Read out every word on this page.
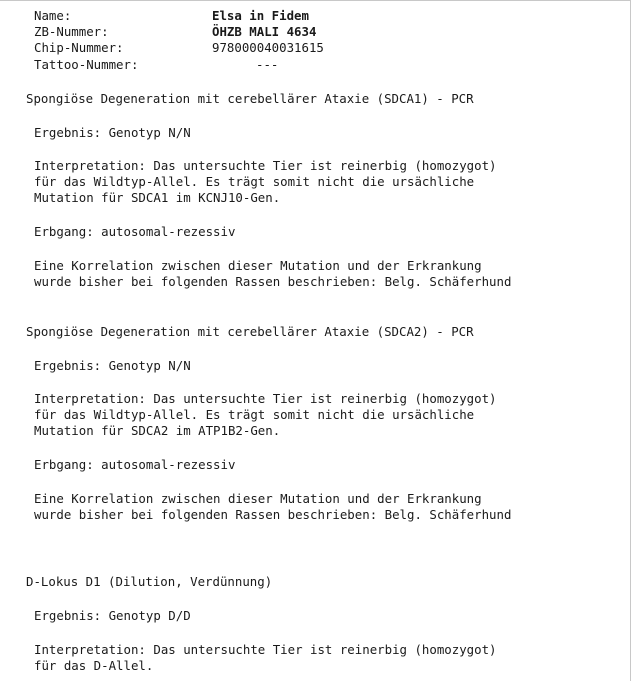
Name:	Elsa in Fidem
ZB-Nummer:	ÖHZB MALI 4634
Chip-Nummer:	978000040031615
Tattoo-Nummer:	---
Spongiöse Degeneration mit cerebellärer Ataxie (SDCA1) - PCR
Ergebnis: Genotyp N/N
Interpretation: Das untersuchte Tier ist reinerbig (homozygot)
für das Wildtyp-Allel. Es trägt somit nicht die ursächliche
Mutation für SDCA1 im KCNJ10-Gen.
Erbgang: autosomal-rezessiv
Eine Korrelation zwischen dieser Mutation und der Erkrankung
wurde bisher bei folgenden Rassen beschrieben: Belg. Schäferhund
Spongiöse Degeneration mit cerebellärer Ataxie (SDCA2) - PCR
Ergebnis: Genotyp N/N
Interpretation: Das untersuchte Tier ist reinerbig (homozygot)
für das Wildtyp-Allel. Es trägt somit nicht die ursächliche
Mutation für SDCA2 im ATP1B2-Gen.
Erbgang: autosomal-rezessiv
Eine Korrelation zwischen dieser Mutation und der Erkrankung
wurde bisher bei folgenden Rassen beschrieben: Belg. Schäferhund
D-Lokus D1 (Dilution, Verdünnung)
Ergebnis: Genotyp D/D
Interpretation: Das untersuchte Tier ist reinerbig (homozygot)
für das D-Allel.
